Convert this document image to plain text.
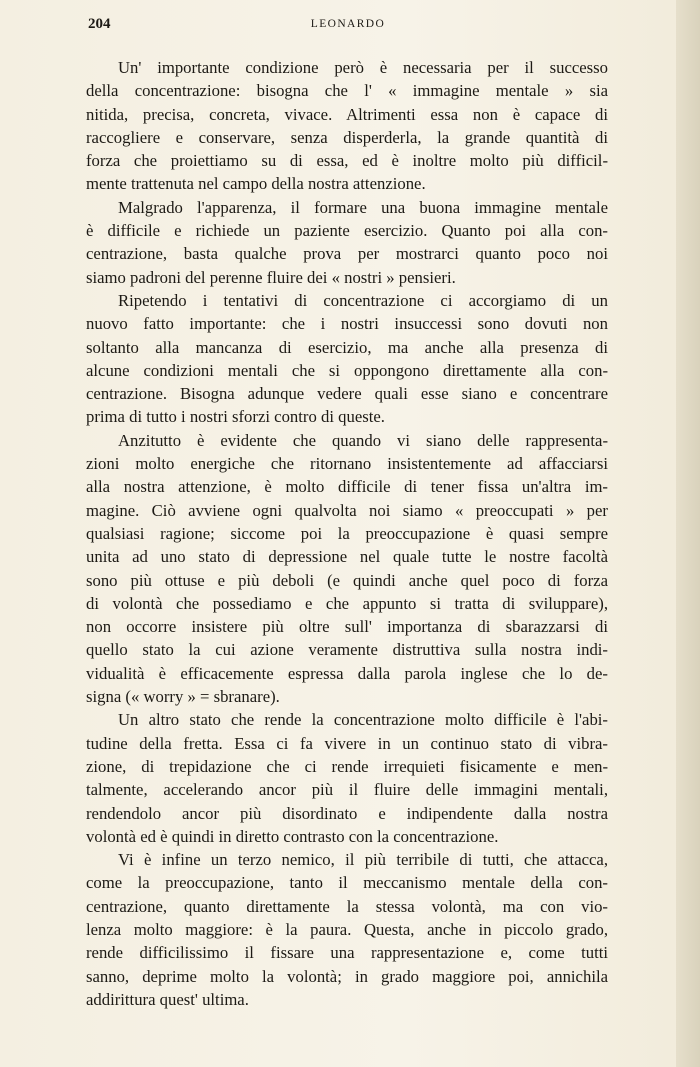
204	LEONARDO
Un' importante condizione però è necessaria per il successo
della concentrazione: bisogna che l' « immagine mentale » sia
nitida, precisa, concreta, vivace. Altrimenti essa non è capace di
raccogliere e conservare, senza disperderla, la grande quantità di
forza che proiettiamo su di essa, ed è inoltre molto più difficil-
mente trattenuta nel campo della nostra attenzione.
Malgrado l'apparenza, il formare una buona immagine mentale
è difficile e richiede un paziente esercizio. Quanto poi alla con-
centrazione, basta qualche prova per mostrarci quanto poco noi
siamo padroni del perenne fluire dei « nostri » pensieri.
Ripetendo i tentativi di concentrazione ci accorgiamo di un
nuovo fatto importante: che i nostri insuccessi sono dovuti non
soltanto alla mancanza di esercizio, ma anche alla presenza di
alcune condizioni mentali che si oppongono direttamente alla con-
centrazione. Bisogna adunque vedere quali esse siano e concentrare
prima di tutto i nostri sforzi contro di queste.
Anzitutto è evidente che quando vi siano delle rappresenta-
zioni molto energiche che ritornano insistentemente ad affacciarsi
alla nostra attenzione, è molto difficile di tener fissa un'altra im-
magine. Ciò avviene ogni qualvolta noi siamo « preoccupati » per
qualsiasi ragione; siccome poi la preoccupazione è quasi sempre
unita ad uno stato di depressione nel quale tutte le nostre facoltà
sono più ottuse e più deboli (e quindi anche quel poco di forza
di volontà che possediamo e che appunto si tratta di sviluppare),
non occorre insistere più oltre sull' importanza di sbarazzarsi di
quello stato la cui azione veramente distruttiva sulla nostra indi-
vidualità è efficacemente espressa dalla parola inglese che lo de-
signa (« worry » = sbranare).
Un altro stato che rende la concentrazione molto difficile è l'abi-
tudine della fretta. Essa ci fa vivere in un continuo stato di vibra-
zione, di trepidazione che ci rende irrequieti fisicamente e men-
talmente, accelerando ancor più il fluire delle immagini mentali,
rendendolo ancor più disordinato e indipendente dalla nostra
volontà ed è quindi in diretto contrasto con la concentrazione.
Vi è infine un terzo nemico, il più terribile di tutti, che attacca,
come la preoccupazione, tanto il meccanismo mentale della con-
centrazione, quanto direttamente la stessa volontà, ma con vio-
lenza molto maggiore: è la paura. Questa, anche in piccolo grado,
rende difficilissimo il fissare una rappresentazione e, come tutti
sanno, deprime molto la volontà; in grado maggiore poi, annichila
addirittura quest' ultima.
